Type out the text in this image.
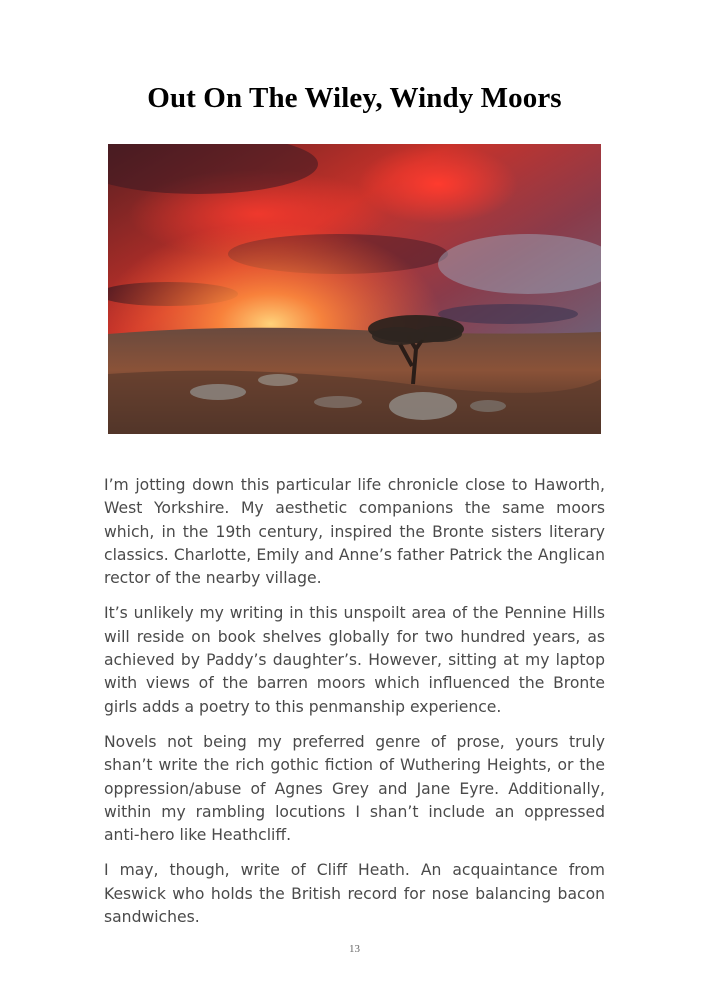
Out On The Wiley, Windy Moors

I’m jotting down this particular life chronicle close to Haworth, West Yorkshire. My aesthetic companions the same moors which, in the 19th century, inspired the Bronte sisters literary classics. Charlotte, Emily and Anne’s father Patrick the Anglican rector of the nearby village.

It’s unlikely my writing in this unspoilt area of the Pennine Hills will reside on book shelves globally for two hundred years, as achieved by Paddy’s daughter’s. However, sitting at my laptop with views of the barren moors which influenced the Bronte girls adds a poetry to this penmanship experience.

Novels not being my preferred genre of prose, yours truly shan’t write the rich gothic fiction of Wuthering Heights, or the oppression/abuse of Agnes Grey and Jane Eyre. Additionally, within my rambling locutions I shan’t include an oppressed anti-hero like Heathcliff.

I may, though, write of Cliff Heath. An acquaintance from Keswick who holds the British record for nose balancing bacon sandwiches.

13
